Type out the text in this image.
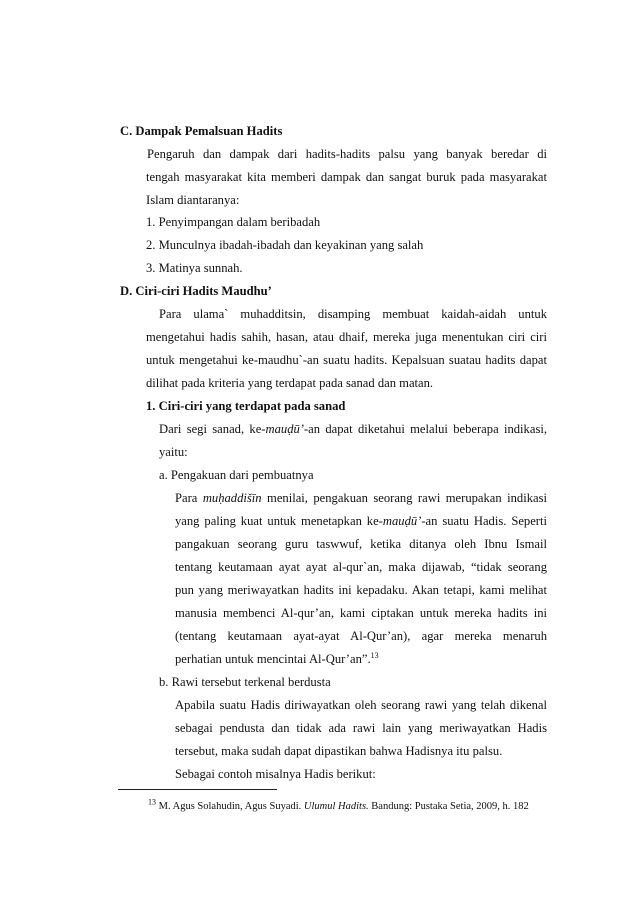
C. Dampak Pemalsuan Hadits
Pengaruh dan dampak dari hadits-hadits palsu yang banyak beredar di
tengah masyarakat kita memberi dampak dan sangat buruk pada masyarakat
Islam diantaranya:
1. Penyimpangan dalam beribadah
2. Munculnya ibadah-ibadah dan keyakinan yang salah
3. Matinya sunnah.
D. Ciri-ciri Hadits Maudhu’
Para ulama` muhadditsin, disamping membuat kaidah-aidah untuk
mengetahui hadis sahih, hasan, atau dhaif, mereka juga menentukan ciri ciri
untuk mengetahui ke-maudhu`-an suatu hadits. Kepalsuan suatau hadits dapat
dilihat pada kriteria yang terdapat pada sanad dan matan.
1. Ciri-ciri yang terdapat pada sanad
Dari segi sanad, ke-mauḍū’-an dapat diketahui melalui beberapa indikasi,
yaitu:
a. Pengakuan dari pembuatnya
Para muḥaddišīn menilai, pengakuan seorang rawi merupakan indikasi
yang paling kuat untuk menetapkan ke-mauḍū’-an suatu Hadis. Seperti
pangakuan seorang guru taswwuf, ketika ditanya oleh Ibnu Ismail
tentang keutamaan ayat ayat al-qur`an, maka dijawab, “tidak seorang
pun yang meriwayatkan hadits ini kepadaku. Akan tetapi, kami melihat
manusia membenci Al-qur’an, kami ciptakan untuk mereka hadits ini
(tentang keutamaan ayat-ayat Al-Qur’an), agar mereka menaruh
perhatian untuk mencintai Al-Qur’an”.$^{13}$
b. Rawi tersebut terkenal berdusta
Apabila suatu Hadis diriwayatkan oleh seorang rawi yang telah dikenal
sebagai pendusta dan tidak ada rawi lain yang meriwayatkan Hadis
tersebut, maka sudah dapat dipastikan bahwa Hadisnya itu palsu.
Sebagai contoh misalnya Hadis berikut:
$^{13}$ M. Agus Solahudin, Agus Suyadi. Ulumul Hadits. Bandung: Pustaka Setia, 2009, h. 182
